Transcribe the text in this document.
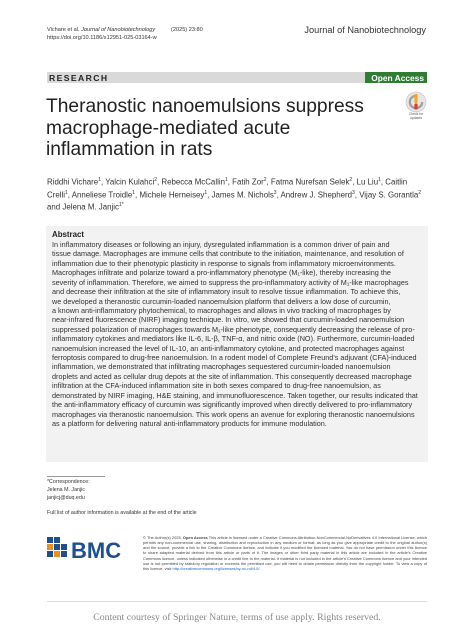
Vichare et al. Journal of Nanobiotechnology
https://doi.org/10.1186/s12951-025-03164-w
(2025) 23:80	Journal of Nanobiotechnology
RESEARCH	Open Access
Theranostic nanoemulsions suppress macrophage-mediated acute inflammation in rats
Check for
updates
Riddhi Vichare$^1$, Yalcin Kulahci$^2$, Rebecca McCallin$^1$, Fatih Zor$^2$, Fatma Nurefsan Selek$^2$, Lu Liu$^1$, Caitlin Crelli$^1$, Anneliese Troidle$^1$, Michele Herneisey$^1$, James M. Nichols$^3$, Andrew J. Shepherd$^3$, Vijay S. Gorantla$^2$ and Jelena M. Janjic$^{1*}$
Abstract
In inflammatory diseases or following an injury, dysregulated inflammation is a common driver of pain and
tissue damage. Macrophages are immune cells that contribute to the initiation, maintenance, and resolution of
inflammation due to their phenotypic plasticity in response to signals from inflammatory microenvironments.
Macrophages infiltrate and polarize toward a pro-inflammatory phenotype (M₁-like), thereby increasing the
severity of inflammation. Therefore, we aimed to suppress the pro-inflammatory activity of M₁-like macrophages
and decrease their infiltration at the site of inflammatory insult to resolve tissue inflammation. To achieve this,
we developed a theranostic curcumin-loaded nanoemulsion platform that delivers a low dose of curcumin,
a known anti-inflammatory phytochemical, to macrophages and allows in vivo tracking of macrophages by
near-infrared fluorescence (NIRF) imaging technique. In vitro, we showed that curcumin-loaded nanoemulsion
suppressed polarization of macrophages towards M₁-like phenotype, consequently decreasing the release of pro-
inflammatory cytokines and mediators like IL-6, IL-β, TNF-α, and nitric oxide (NO). Furthermore, curcumin-loaded
nanoemulsion increased the level of IL-10, an anti-inflammatory cytokine, and protected macrophages against
ferroptosis compared to drug-free nanoemulsion. In a rodent model of Complete Freund’s adjuvant (CFA)-induced
inflammation, we demonstrated that infiltrating macrophages sequestered curcumin-loaded nanoemulsion
droplets and acted as cellular drug depots at the site of inflammation. This consequently decreased macrophage
infiltration at the CFA-induced inflammation site in both sexes compared to drug-free nanoemulsion, as
demonstrated by NIRF imaging, H&E staining, and immunofluorescence. Taken together, our results indicated that
the anti-inflammatory efficacy of curcumin was significantly improved when directly delivered to pro-inflammatory
macrophages via theranostic nanoemulsion. This work opens an avenue for exploring theranostic nanoemulsions
as a platform for delivering natural anti-inflammatory products for immune modulation.
*Correspondence:
Jelena M. Janjic
janjicj@duq.edu
Full list of author information is available at the end of the article
BMC
© The Author(s) 2025. Open Access This article is licensed under a Creative Commons Attribution-NonCommercial-NoDerivatives 4.0 International License, which permits any non-commercial use, sharing, distribution and reproduction in any medium or format, as long as you give appropriate credit to the original author(s) and the source, provide a link to the Creative Commons licence, and indicate if you modified the licensed material. You do not have permission under this licence to share adapted material derived from this article or parts of it. The images or other third party material in this article are included in the article’s Creative Commons licence, unless indicated otherwise in a credit line to the material. If material is not included in the article’s Creative Commons licence and your intended use is not permitted by statutory regulation or exceeds the permitted use, you will need to obtain permission directly from the copyright holder. To view a copy of this licence, visit http://creativecommons.org/licenses/by-nc-nd/4.0/.
Content courtesy of Springer Nature, terms of use apply. Rights reserved.
